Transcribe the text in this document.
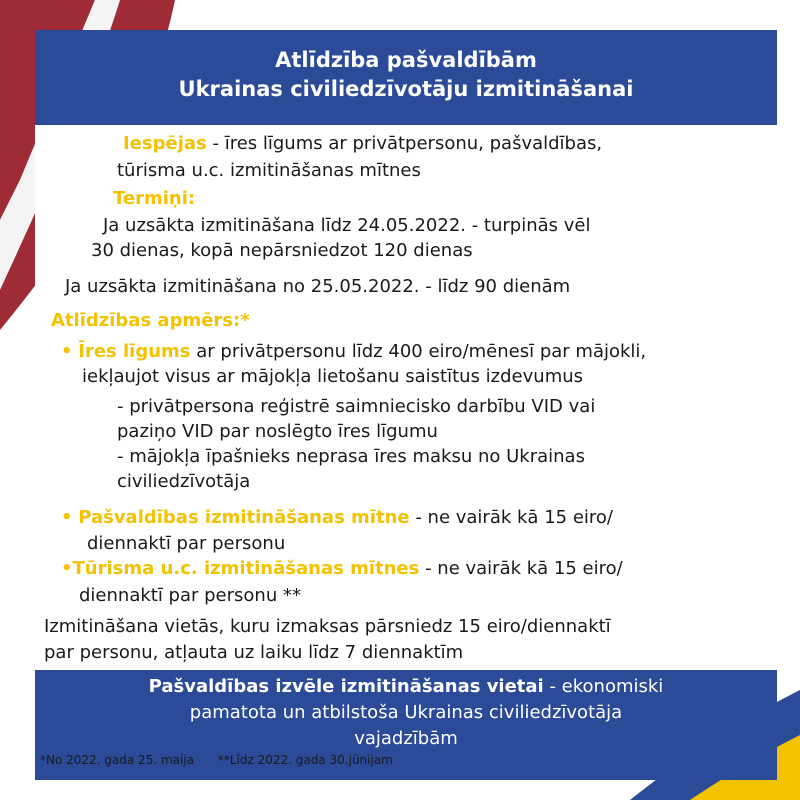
Atlīdzība pašvaldībām
Ukrainas civiliedzīvotāju izmitināšanai
Iespējas - īres līgums ar privātpersonu, pašvaldības,
tūrisma u.c. izmitināšanas mītnes
Termiņi:
Ja uzsākta izmitināšana līdz 24.05.2022. - turpinās vēl
30 dienas, kopā nepārsniedzot 120 dienas
Ja uzsākta izmitināšana no 25.05.2022. - līdz 90 dienām
Atlīdzības apmērs:*
• Īres līgums ar privātpersonu līdz 400 eiro/mēnesī par mājokli,
iekļaujot visus ar mājokļa lietošanu saistītus izdevumus
- privātpersona reģistrē saimniecisko darbību VID vai
paziņo VID par noslēgto īres līgumu
- mājokļa īpašnieks neprasa īres maksu no Ukrainas
civiliedzīvotāja
• Pašvaldības izmitināšanas mītne - ne vairāk kā 15 eiro/
diennaktī par personu
•Tūrisma u.c. izmitināšanas mītnes - ne vairāk kā 15 eiro/
diennaktī par personu **
Izmitināšana vietās, kuru izmaksas pārsniedz 15 eiro/diennaktī
par personu, atļauta uz laiku līdz 7 diennaktīm
Pašvaldības izvēle izmitināšanas vietai - ekonomiski
pamatota un atbilstoša Ukrainas civiliedzīvotāja
vajadzībām
*No 2022. gada 25. maija **Līdz 2022. gada 30.jūnijam
